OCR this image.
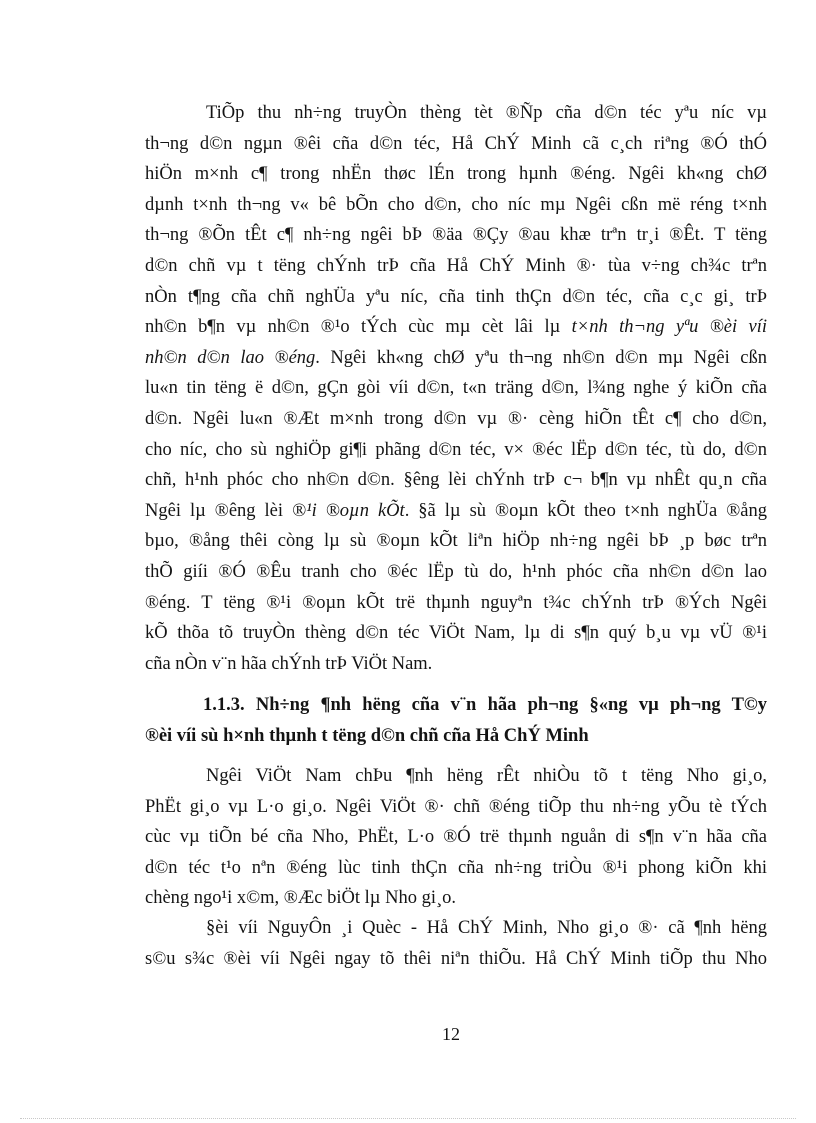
TiÕp thu nh÷ng truyÒn thèng tèt ®Ñp cña d©n téc yªu níc vµ
th¬ng d©n ngµn ®êi cña d©n téc, Hå ChÝ Minh cã c¸ch riªng ®Ó thÓ
hiÖn m×nh c¶ trong nhËn thøc lÉn trong hµnh ®éng. Ngêi kh«ng chØ
dµnh t×nh th¬ng v« bê bÕn cho d©n, cho níc mµ Ngêi cßn më réng t×nh
th¬ng ®Õn tÊt c¶ nh÷ng ngêi bÞ ®äa ®Çy ®au khæ trªn tr¸i ®Êt. T tëng
d©n chñ vµ t tëng chÝnh trÞ cña Hå ChÝ Minh ®· tùa v÷ng ch¾c trªn
nÒn t¶ng cña chñ nghÜa yªu níc, cña tinh thÇn d©n téc, cña c¸c gi¸ trÞ
nh©n b¶n vµ nh©n ®¹o tÝch cùc mµ cèt lâi lµ t×nh th¬ng yªu ®èi víi
nh©n d©n lao ®éng. Ngêi kh«ng chØ yªu th¬ng nh©n d©n mµ Ngêi cßn
lu«n tin tëng ë d©n, gÇn gòi víi d©n, t«n träng d©n, l¾ng nghe ý kiÕn cña
d©n. Ngêi lu«n ®Æt m×nh trong d©n vµ ®· cèng hiÕn tÊt c¶ cho d©n,
cho níc, cho sù nghiÖp gi¶i phãng d©n téc, v× ®éc lËp d©n téc, tù do, d©n
chñ, h¹nh phóc cho nh©n d©n. §êng lèi chÝnh trÞ c¬ b¶n vµ nhÊt qu¸n cña
Ngêi lµ ®êng lèi ®¹i ®oµn kÕt. §ã lµ sù ®oµn kÕt theo t×nh nghÜa ®ång
bµo, ®ång thêi còng lµ sù ®oµn kÕt liªn hiÖp nh÷ng ngêi bÞ ¸p bøc trªn
thÕ giíi ®Ó ®Êu tranh cho ®éc lËp tù do, h¹nh phóc cña nh©n d©n lao
®éng. T tëng ®¹i ®oµn kÕt trë thµnh nguyªn t¾c chÝnh trÞ ®Ých Ngêi
kÕ thõa tõ truyÒn thèng d©n téc ViÖt Nam, lµ di s¶n quý b¸u vµ vÜ ®¹i
cña nÒn v¨n hãa chÝnh trÞ ViÖt Nam.
1.1.3. Nh÷ng ¶nh hëng cña v¨n hãa ph¬ng §«ng vµ ph¬ng T©y
®èi víi sù h×nh thµnh t tëng d©n chñ cña Hå ChÝ Minh
Ngêi ViÖt Nam chÞu ¶nh hëng rÊt nhiÒu tõ t tëng Nho gi¸o,
PhËt gi¸o vµ L·o gi¸o. Ngêi ViÖt ®· chñ ®éng tiÕp thu nh÷ng yÕu tè tÝch
cùc vµ tiÕn bé cña Nho, PhËt, L·o ®Ó trë thµnh nguån di s¶n v¨n hãa cña
d©n téc t¹o nªn ®éng lùc tinh thÇn cña nh÷ng triÒu ®¹i phong kiÕn khi
chèng ngo¹i x©m, ®Æc biÖt lµ Nho gi¸o.
§èi víi NguyÔn ¸i Quèc - Hå ChÝ Minh, Nho gi¸o ®· cã ¶nh hëng
s©u s¾c ®èi víi Ngêi ngay tõ thêi niªn thiÕu. Hå ChÝ Minh tiÕp thu Nho
12
